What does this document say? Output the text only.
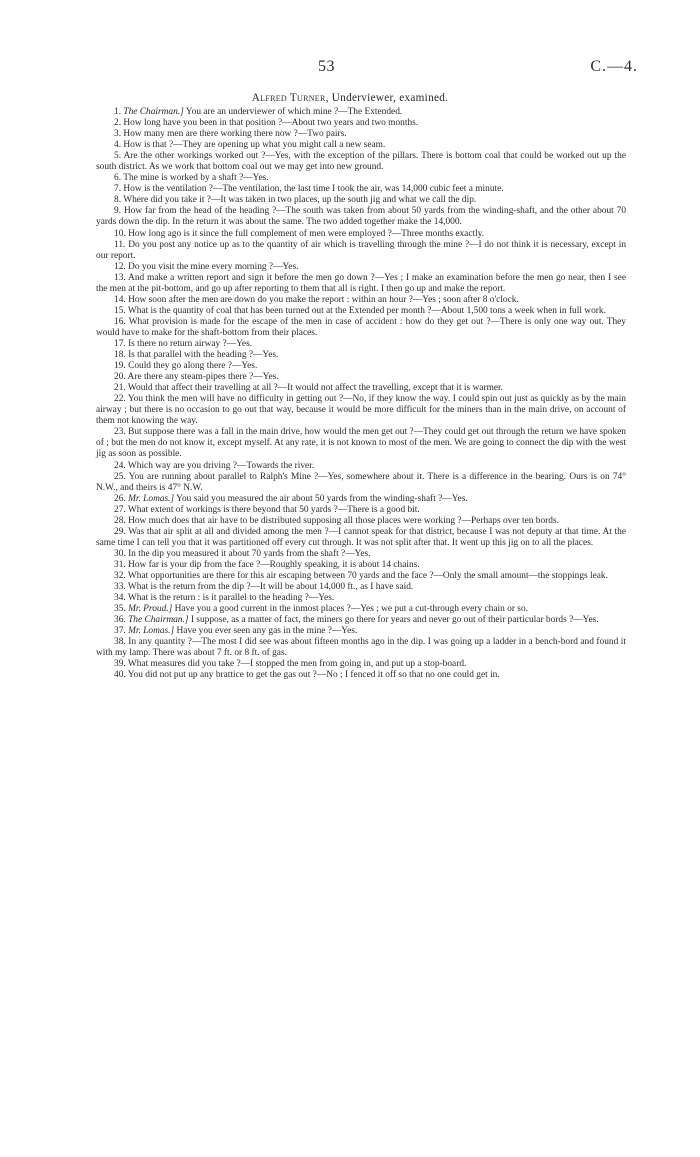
53	C.—4.
Alfred Turner, Underviewer, examined.

1. The Chairman.] You are an underviewer of which mine ?—The Extended.

2. How long have you been in that position ?—About two years and two months.

3. How many men are there working there now ?—Two pairs.

4. How is that ?—They are opening up what you might call a new seam.

5. Are the other workings worked out ?—Yes, with the exception of the pillars. There is bottom coal that could be worked out up the south district. As we work that bottom coal out we may get into new ground.

6. The mine is worked by a shaft ?—Yes.

7. How is the ventilation ?—The ventilation, the last time I took the air, was 14,000 cubic feet a minute.

8. Where did you take it ?—It was taken in two places, up the south jig and what we call the dip.

9. How far from the head of the heading ?—The south was taken from about 50 yards from the winding-shaft, and the other about 70 yards down the dip. In the return it was about the same. The two added together make the 14,000.

10. How long ago is it since the full complement of men were employed ?—Three months exactly.

11. Do you post any notice up as to the quantity of air which is travelling through the mine ?—I do not think it is necessary, except in our report.

12. Do you visit the mine every morning ?—Yes.

13. And make a written report and sign it before the men go down ?—Yes ; I make an examination before the men go near, then I see the men at the pit-bottom, and go up after reporting to them that all is right. I then go up and make the report.

14. How soon after the men are down do you make the report : within an hour ?—Yes ; soon after 8 o'clock.

15. What is the quantity of coal that has been turned out at the Extended per month ?—About 1,500 tons a week when in full work.

16. What provision is made for the escape of the men in case of accident : how do they get out ?—There is only one way out. They would have to make for the shaft-bottom from their places.

17. Is there no return airway ?—Yes.

18. Is that parallel with the heading ?—Yes.

19. Could they go along there ?—Yes.

20. Are there any steam-pipes there ?—Yes.

21. Would that affect their travelling at all ?—It would not affect the travelling, except that it is warmer.

22. You think the men will have no difficulty in getting out ?—No, if they know the way. I could spin out just as quickly as by the main airway ; but there is no occasion to go out that way, because it would be more difficult for the miners than in the main drive, on account of them not knowing the way.

23. But suppose there was a fall in the main drive, how would the men get out ?—They could get out through the return we have spoken of ; but the men do not know it, except myself. At any rate, it is not known to most of the men. We are going to connect the dip with the west jig as soon as possible.

24. Which way are you driving ?—Towards the river.

25. You are running about parallel to Ralph's Mine ?—Yes, somewhere about it. There is a difference in the bearing. Ours is on 74° N.W., and theirs is 47° N.W.

26. Mr. Lomas.] You said you measured the air about 50 yards from the winding-shaft ?—Yes.

27. What extent of workings is there beyond that 50 yards ?—There is a good bit.

28. How much does that air have to be distributed supposing all those places were working ?—Perhaps over ten bords.

29. Was that air split at all and divided among the men ?—I cannot speak for that district, because I was not deputy at that time. At the same time I can tell you that it was partitioned off every cut through. It was not split after that. It went up this jig on to all the places.

30. In the dip you measured it about 70 yards from the shaft ?—Yes.

31. How far is your dip from the face ?—Roughly speaking, it is about 14 chains.

32. What opportunities are there for this air escaping between 70 yards and the face ?—Only the small amount—the stoppings leak.

33. What is the return from the dip ?—It will be about 14,000 ft., as I have said.

34. What is the return : is it parallel to the heading ?—Yes.

35. Mr. Proud.] Have you a good current in the inmost places ?—Yes ; we put a cut-through every chain or so.

36. The Chairman.] I suppose, as a matter of fact, the miners go there for years and never go out of their particular bords ?—Yes.

37. Mr. Lomas.] Have you ever seen any gas in the mine ?—Yes.

38. In any quantity ?—The most I did see was about fifteen months ago in the dip. I was going up a ladder in a bench-bord and found it with my lamp. There was about 7 ft. or 8 ft. of gas.

39. What measures did you take ?—I stopped the men from going in, and put up a stop-board.

40. You did not put up any brattice to get the gas out ?—No ; I fenced it off so that no one could get in.
